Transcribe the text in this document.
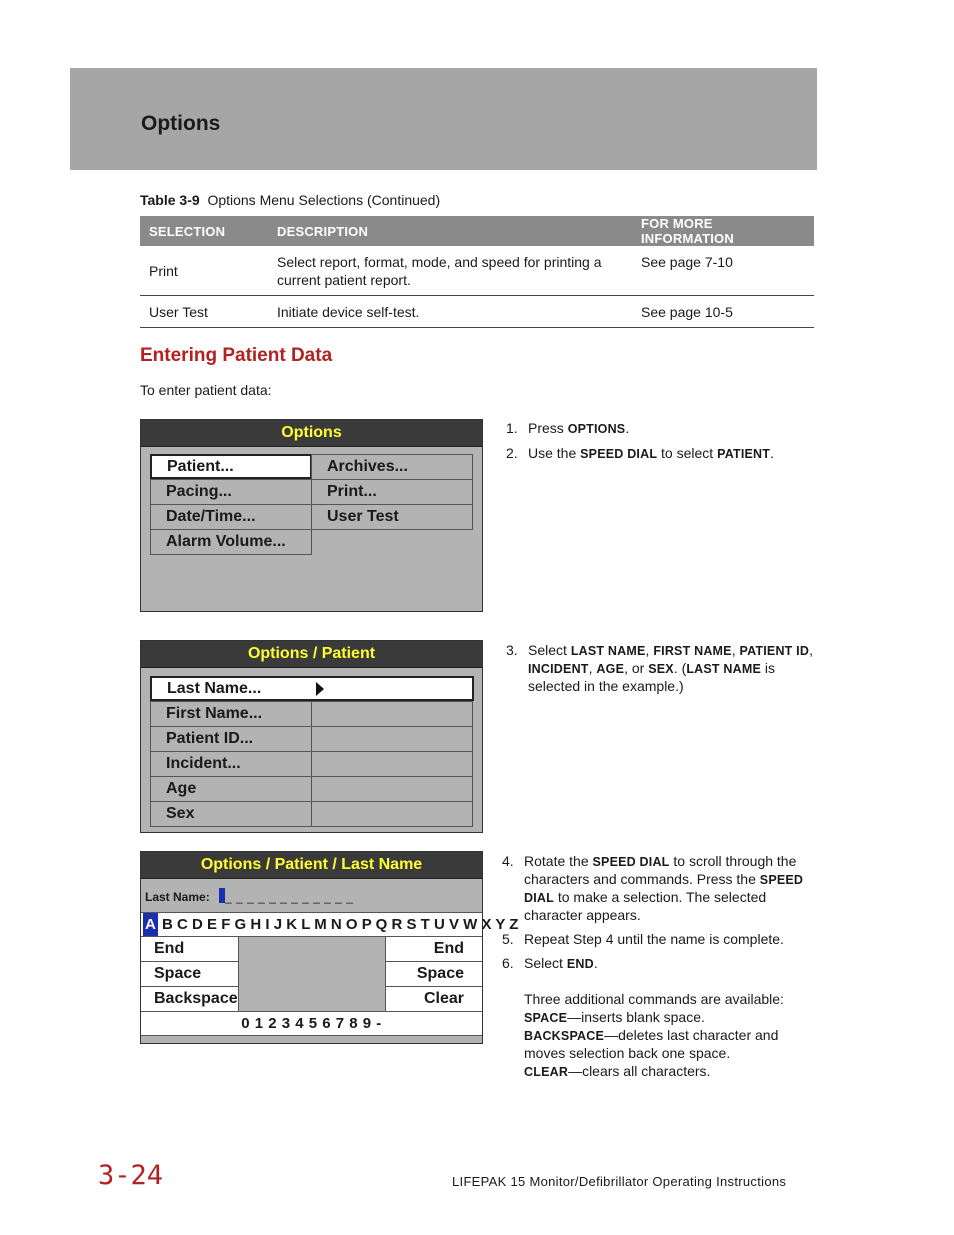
Options
Table 3-9 Options Menu Selections (Continued)
SELECTION	DESCRIPTION	FOR MORE INFORMATION
Print	Select report, format, mode, and speed for printing a current patient report.	See page 7-10
User Test	Initiate device self-test.	See page 10-5
Entering Patient Data
To enter patient data:
Options
Patient...	Archives...
Pacing...	Print...
Date/Time...	User Test
Alarm Volume...
1. Press OPTIONS.
2. Use the SPEED DIAL to select PATIENT.
Options / Patient
Last Name...
First Name...
Patient ID...
Incident...
Age
Sex
3. Select LAST NAME, FIRST NAME, PATIENT ID,
INCIDENT, AGE, or SEX. (LAST NAME is
selected in the example.)
Options / Patient / Last Name
Last Name: _ _ _ _ _ _ _ _ _ _ _ _
A B C D E F G H I J K L M N O P Q R S T U V W X Y Z
End
Space
Backspace
End
Space
Clear
0 1 2 3 4 5 6 7 8 9 -
4. Rotate the SPEED DIAL to scroll through the
characters and commands. Press the SPEED
DIAL to make a selection. The selected
character appears.
5. Repeat Step 4 until the name is complete.
6. Select END.
Three additional commands are available:
SPACE—inserts blank space.
BACKSPACE—deletes last character and
moves selection back one space.
CLEAR—clears all characters.
3-24	LIFEPAK 15 Monitor/Defibrillator Operating Instructions
